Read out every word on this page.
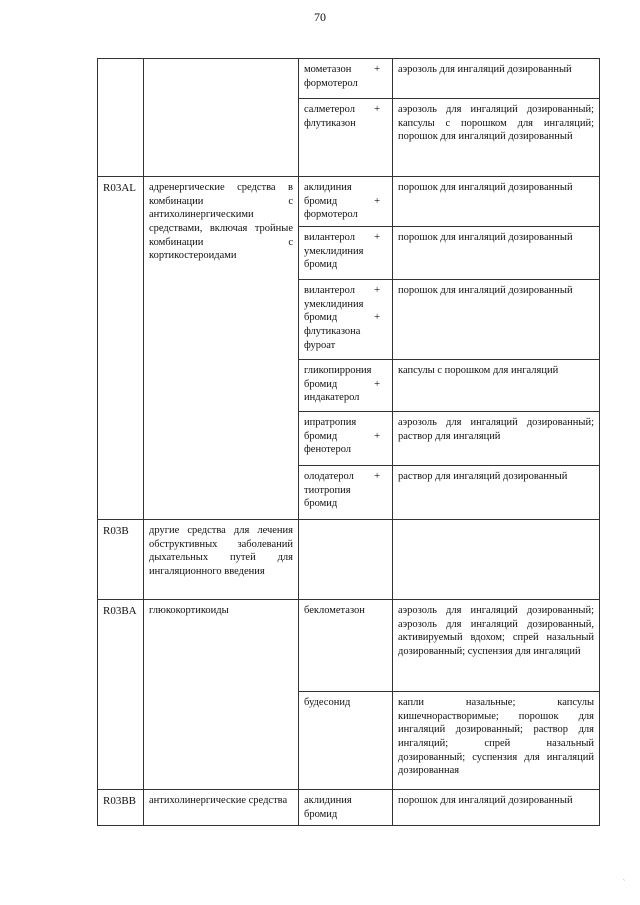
70
		мометазон + формотерол	аэрозоль для ингаляций дозированный
		салметерол + флутиказон	аэрозоль для ингаляций дозированный; капсулы с порошком для ингаляций; порошок для ингаляций дозированный
R03AL	адренергические средства в комбинации с антихолинергическими средствами, включая тройные комбинации с кортикостероидами	аклидиния бромид + формотерол	порошок для ингаляций дозированный
		вилантерол + умеклидиния бромид	порошок для ингаляций дозированный
		вилантерол + умеклидиния бромид + флутиказона фуроат	порошок для ингаляций дозированный
		гликопиррония бромид + индакатерол	капсулы с порошком для ингаляций
		ипратропия бромид + фенотерол	аэрозоль для ингаляций дозированный; раствор для ингаляций
		олодатерол + тиотропия бромид	раствор для ингаляций дозированный
R03B	другие средства для лечения обструктивных заболеваний дыхательных путей для ингаляционного введения		
R03BA	глюкокортикоиды	беклометазон	аэрозоль для ингаляций дозированный; аэрозоль для ингаляций дозированный, активируемый вдохом; спрей назальный дозированный; суспензия для ингаляций
		будесонид	капли назальные; капсулы кишечнорастворимые; порошок для ингаляций дозированный; раствор для ингаляций; спрей назальный дозированный; суспензия для ингаляций дозированная
R03BB	антихолинергические средства	аклидиния бромид	порошок для ингаляций дозированный
`
